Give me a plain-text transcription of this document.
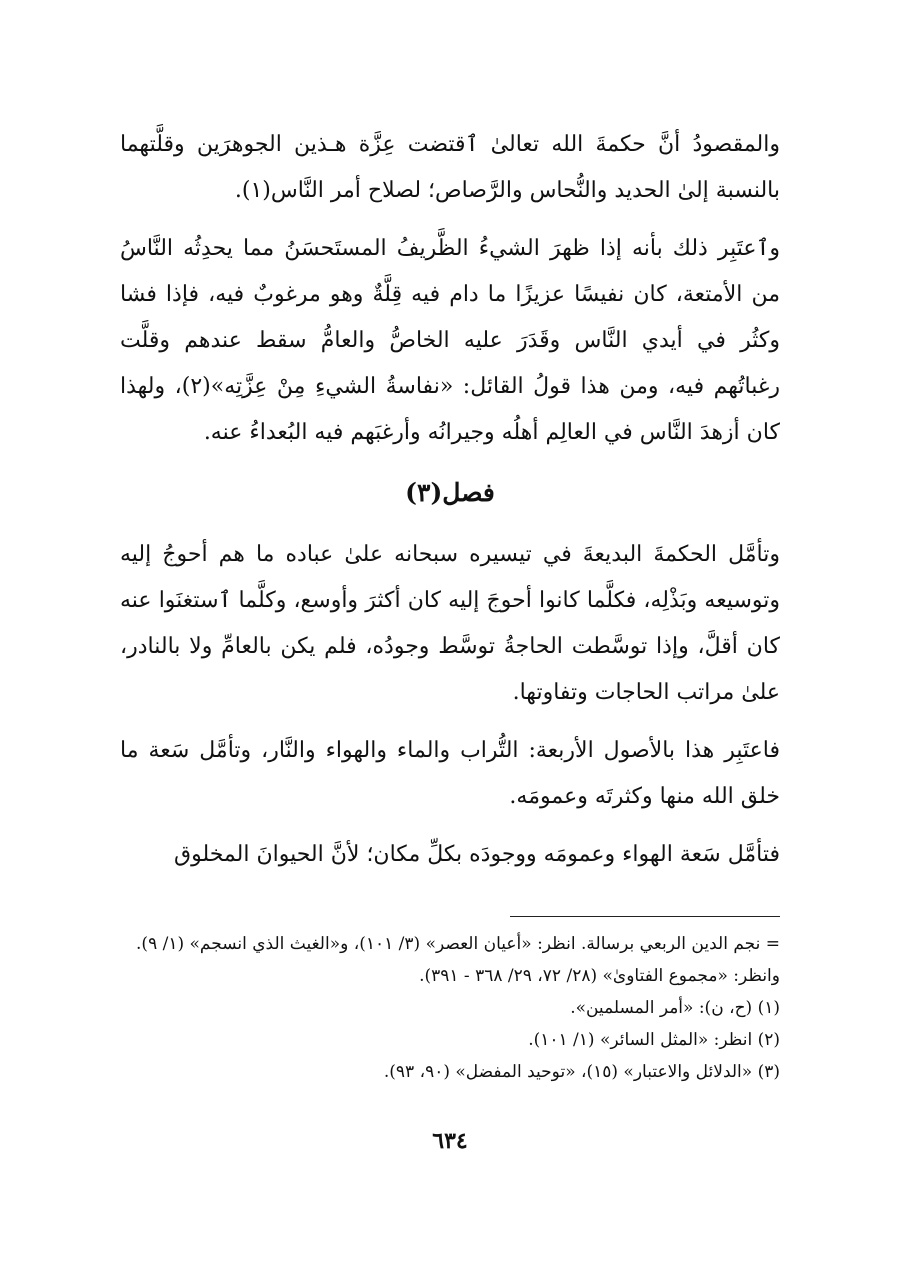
والمقصودُ أنَّ حكمةَ الله تعالىٰ ٱقتضت عِزَّة هـذين الجوهرَين وقلَّتهما بالنسبة إلىٰ الحديد والنُّحاس والرَّصاص؛ لصلاح أمر النَّاس(١).

وٱعتَبِر ذلك بأنه إذا ظهرَ الشيءُ الظَّريفُ المستَحسَنُ مما يحدِثُه النَّاسُ من الأمتعة، كان نفيسًا عزيزًا ما دام فيه قِلَّةٌ وهو مرغوبٌ فيه، فإذا فشا وكثُر في أيدي النَّاس وقَدَرَ عليه الخاصُّ والعامُّ سقط عندهم وقلَّت رغباتُهم فيه، ومن هذا قولُ القائل: «نفاسةُ الشيءِ مِنْ عِزَّتِه»(٢)، ولهذا كان أزهدَ النَّاس في العالِم أهلُه وجيرانُه وأرغبَهم فيه البُعداءُ عنه.

فصل(٣)

وتأمَّل الحكمةَ البديعةَ في تيسيره سبحانه علىٰ عباده ما هم أحوجُ إليه وتوسيعه وبَذْلِه، فكلَّما كانوا أحوجَ إليه كان أكثرَ وأوسع، وكلَّما ٱستغنَوا عنه كان أقلَّ، وإذا توسَّطت الحاجةُ توسَّط وجودُه، فلم يكن بالعامِّ ولا بالنادر، علىٰ مراتب الحاجات وتفاوتها.

فاعتَبِر هذا بالأصول الأربعة: التُّراب والماء والهواء والنَّار، وتأمَّل سَعة ما خلق الله منها وكثرتَه وعمومَه.

فتأمَّل سَعة الهواء وعمومَه ووجودَه بكلِّ مكان؛ لأنَّ الحيوانَ المخلوق

= نجم الدين الربعي برسالة. انظر: «أعيان العصر» (٣/ ١٠١)، و«الغيث الذي انسجم» (١/ ٩). وانظر: «مجموع الفتاوىٰ» (٢٨/ ٧٢، ٢٩/ ٣٦٨ - ٣٩١).

(١) (ح، ن): «أمر المسلمين».

(٢) انظر: «المثل السائر» (١/ ١٠١).

(٣) «الدلائل والاعتبار» (١٥)، «توحيد المفضل» (٩٠، ٩٣).

٦٣٤
